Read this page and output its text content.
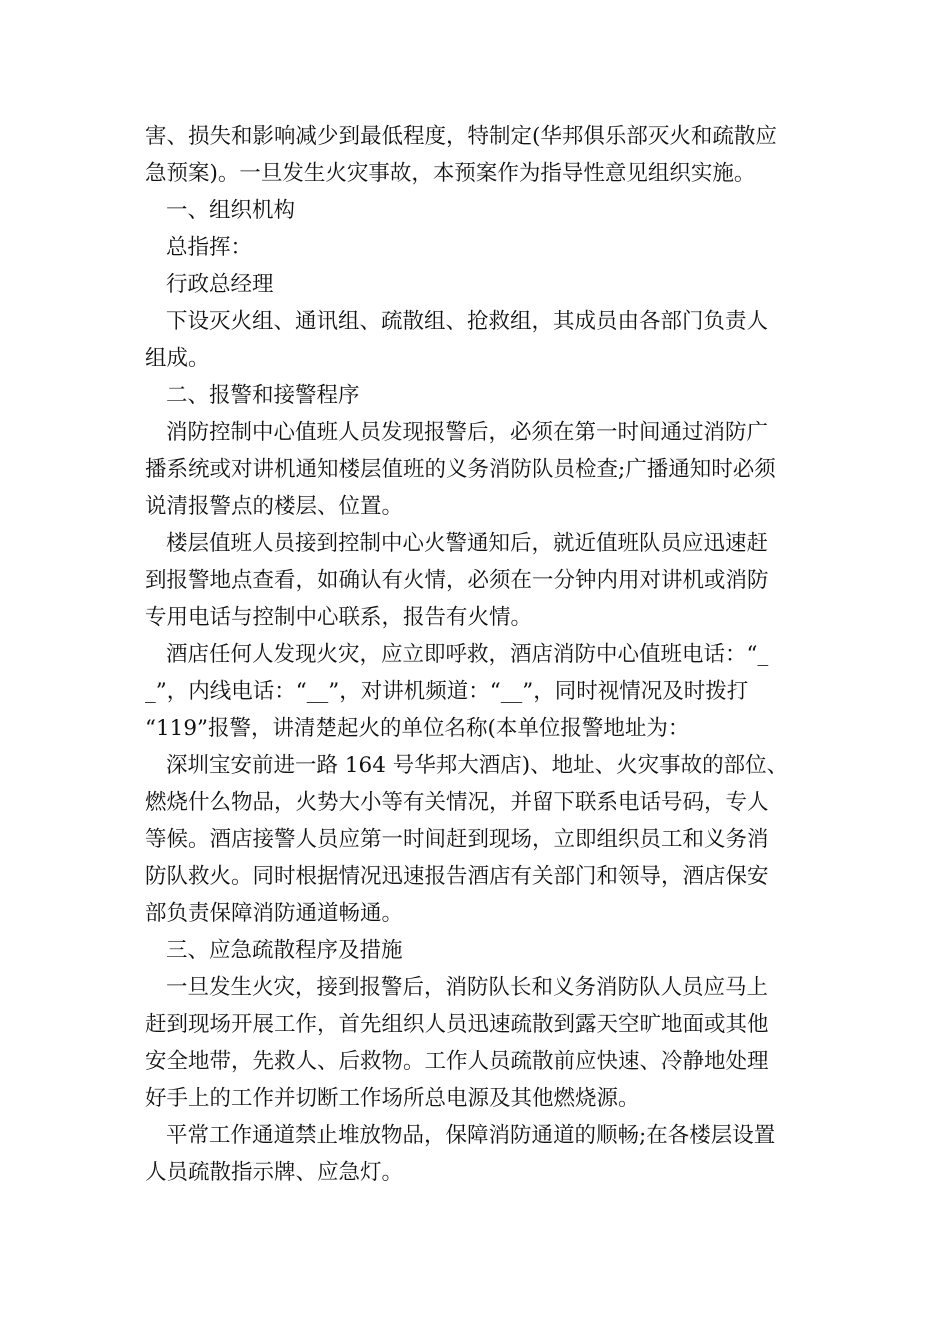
害、损失和影响减少到最低程度，特制定(华邦俱乐部灭火和疏散应
急预案)。一旦发生火灾事故，本预案作为指导性意见组织实施。
一、组织机构
总指挥：
行政总经理
下设灭火组、通讯组、疏散组、抢救组，其成员由各部门负责人
组成。
二、报警和接警程序
消防控制中心值班人员发现报警后，必须在第一时间通过消防广
播系统或对讲机通知楼层值班的义务消防队员检查;广播通知时必须
说清报警点的楼层、位置。
楼层值班人员接到控制中心火警通知后，就近值班队员应迅速赶
到报警地点查看，如确认有火情，必须在一分钟内用对讲机或消防
专用电话与控制中心联系，报告有火情。
酒店任何人发现火灾，应立即呼救，酒店消防中心值班电话：“_
_”，内线电话：“__”，对讲机频道：“__”，同时视情况及时拨打
“119”报警，讲清楚起火的单位名称(本单位报警地址为：
深圳宝安前进一路 164 号华邦大酒店)、地址、火灾事故的部位、
燃烧什么物品，火势大小等有关情况，并留下联系电话号码，专人
等候。酒店接警人员应第一时间赶到现场，立即组织员工和义务消
防队救火。同时根据情况迅速报告酒店有关部门和领导，酒店保安
部负责保障消防通道畅通。
三、应急疏散程序及措施
一旦发生火灾，接到报警后，消防队长和义务消防队人员应马上
赶到现场开展工作，首先组织人员迅速疏散到露天空旷地面或其他
安全地带，先救人、后救物。工作人员疏散前应快速、冷静地处理
好手上的工作并切断工作场所总电源及其他燃烧源。
平常工作通道禁止堆放物品，保障消防通道的顺畅;在各楼层设置
人员疏散指示牌、应急灯。
